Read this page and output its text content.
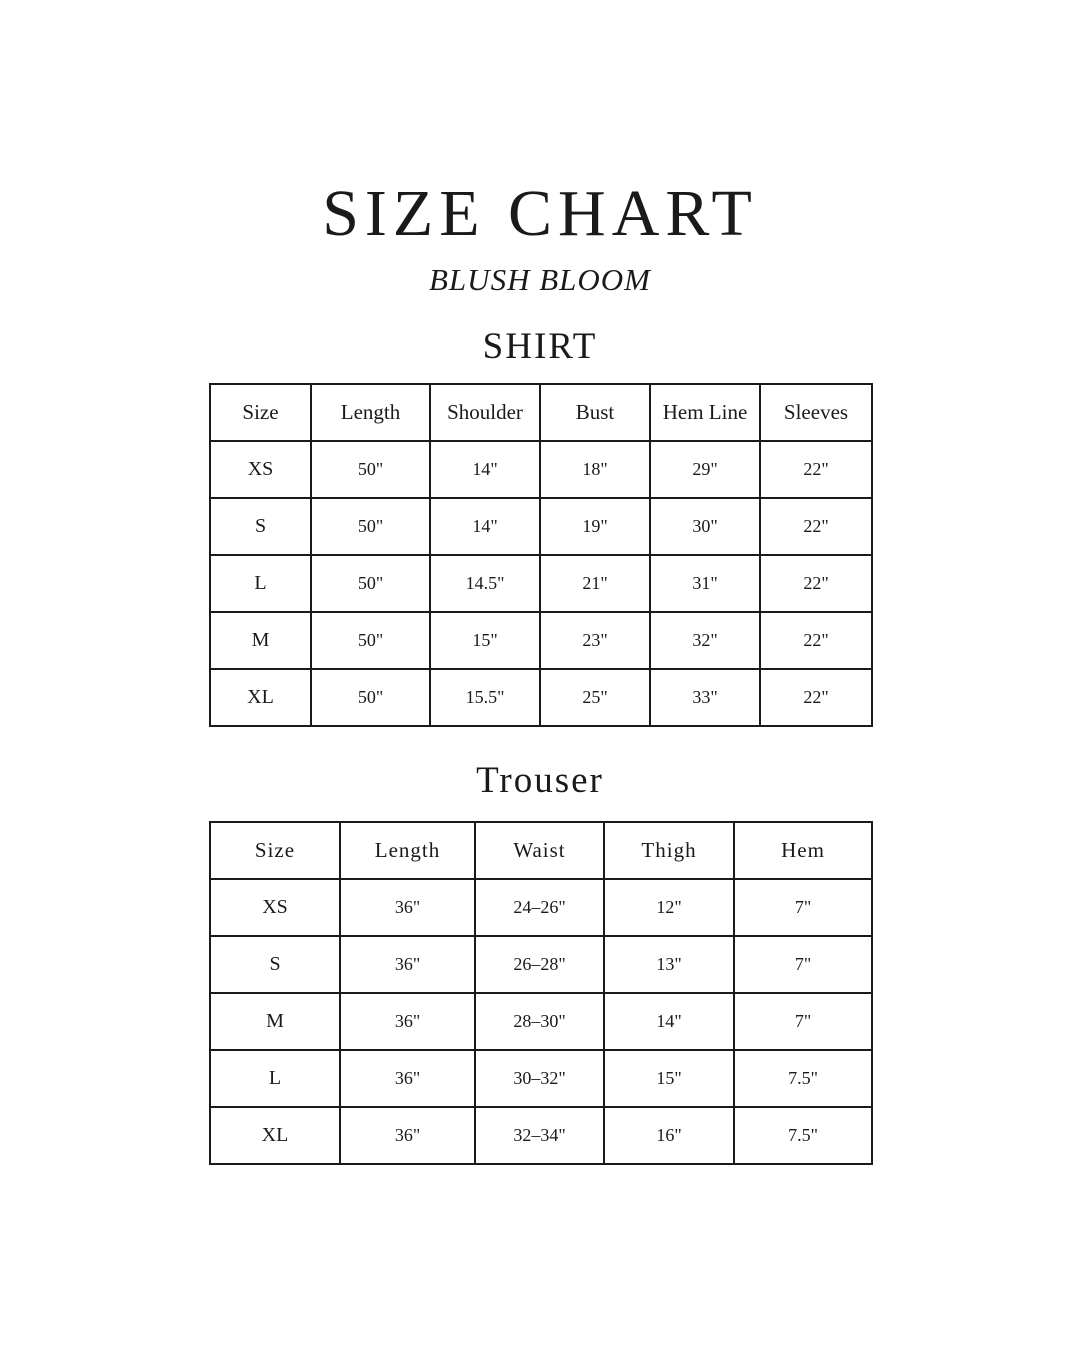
SIZE CHART
BLUSH BLOOM
SHIRT
Size	Length	Shoulder	Bust	Hem Line	Sleeves
XS	50"	14"	18"	29"	22"
S	50"	14"	19"	30"	22"
L	50"	14.5"	21"	31"	22"
M	50"	15"	23"	32"	22"
XL	50"	15.5"	25"	33"	22"
Trouser
Size	Length	Waist	Thigh	Hem
XS	36"	24–26"	12"	7"
S	36"	26–28"	13"	7"
M	36"	28–30"	14"	7"
L	36"	30–32"	15"	7.5"
XL	36"	32–34"	16"	7.5"
